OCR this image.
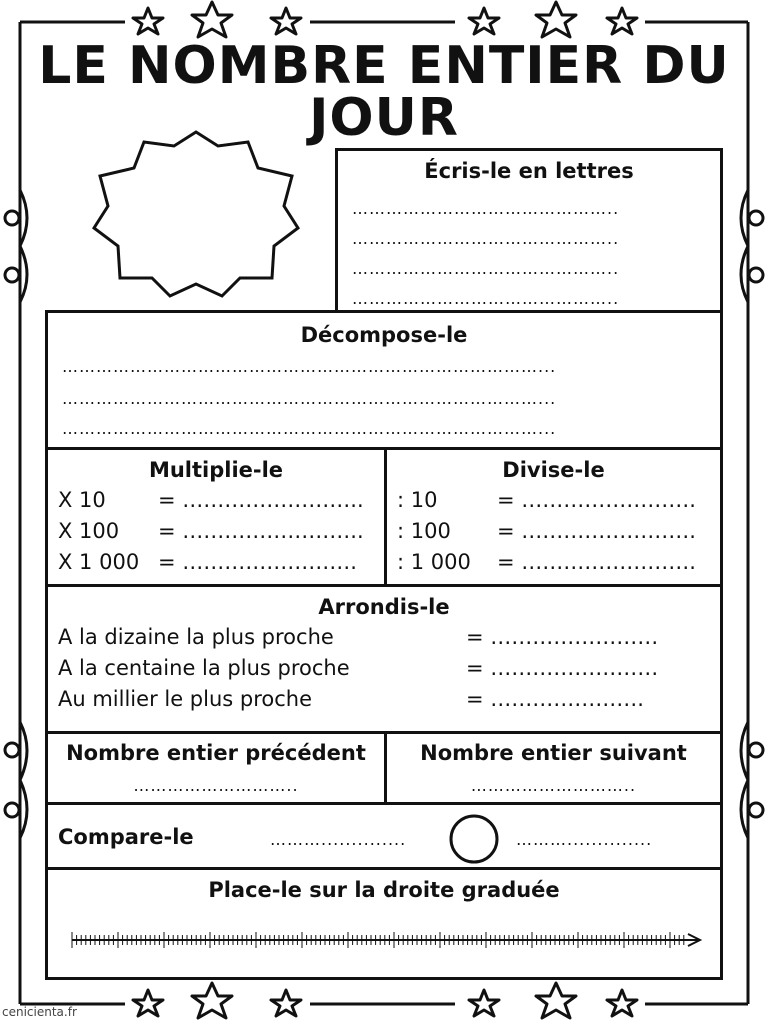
LE NOMBRE ENTIER DU JOUR
Écris-le en lettres
………………………………………..
………………………………………..
………………………………………..
………………………………………..
Décompose-le
…………………………………………………………………………...
…………………………………………………………………………...
…………………………………………………………………………...
Multiplie-le
X 10 = ……………………..
X 100 = ……………………..
X 1 000 = …………………….
Divise-le
: 10	= …………………….
: 100 = …………………….
: 1 000 = …………………….
Arrondis-le
A la dizaine la plus proche	= ……………………
A la centaine la plus proche	= ……………………
Au millier le plus proche	= ………………….
Nombre entier précédent
………………………..
Nombre entier suivant
………………………..
Compare-le	………..............	………..............
Place-le sur la droite graduée
cenicienta.fr
